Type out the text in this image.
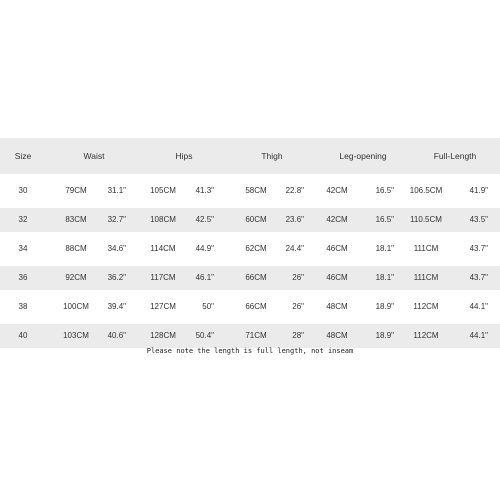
Size	Waist	Hips	Thigh	Leg-opening	Full-Length
30	79CM	31.1"	105CM	41.3"	58CM	22.8"	42CM	16.5"	106.5CM	41.9"
32	83CM	32.7"	108CM	42.5"	60CM	23.6"	42CM	16.5"	110.5CM	43.5"
34	88CM	34.6"	114CM	44.9"	62CM	24.4"	46CM	18.1"	111CM	43.7"
36	92CM	36.2"	117CM	46.1"	66CM	26"	46CM	18.1"	111CM	43.7"
38	100CM	39.4"	127CM	50"	66CM	26"	48CM	18.9"	112CM	44.1"
40	103CM	40.6"	128CM	50.4"	71CM	28"	48CM	18.9"	112CM	44.1"
Please note the length is full length, not inseam
